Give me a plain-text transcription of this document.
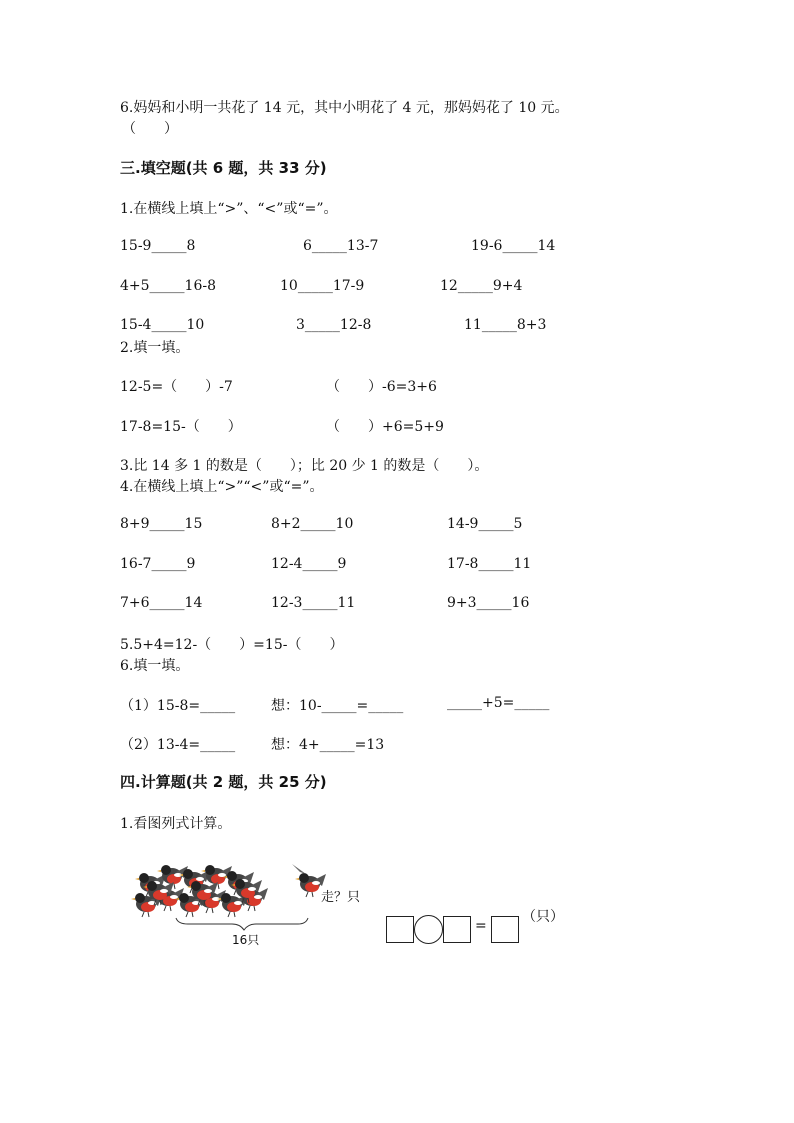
6.妈妈和小明一共花了 14 元，其中小明花了 4 元，那妈妈花了 10 元。
（　　）
三.填空题(共 6 题，共 33 分)
1.在横线上填上“>”、“<”或“=”。
15-9_____8	6_____13-7	19-6_____14
4+5_____16-8	10_____17-9	12_____9+4
15-4_____10	3_____12-8	11_____8+3
2.填一填。
12-5=（　　）-7	（　　）-6=3+6
17-8=15-（　　）	（　　）+6=5+9
3.比 14 多 1 的数是（　　）；比 20 少 1 的数是（　　）。
4.在横线上填上“>”“<”或“=”。
8+9_____15	8+2_____10	14-9_____5
16-7_____9	12-4_____9	17-8_____11
7+6_____14	12-3_____11	9+3_____16
5.5+4=12-（　　）=15-（　　）
6.填一填。
（1）15-8=_____	想：10-_____=_____	_____+5=_____
（2）13-4=_____	想：4+_____=13
四.计算题(共 2 题，共 25 分)
1.看图列式计算。
走？只
16只
=
（只）
